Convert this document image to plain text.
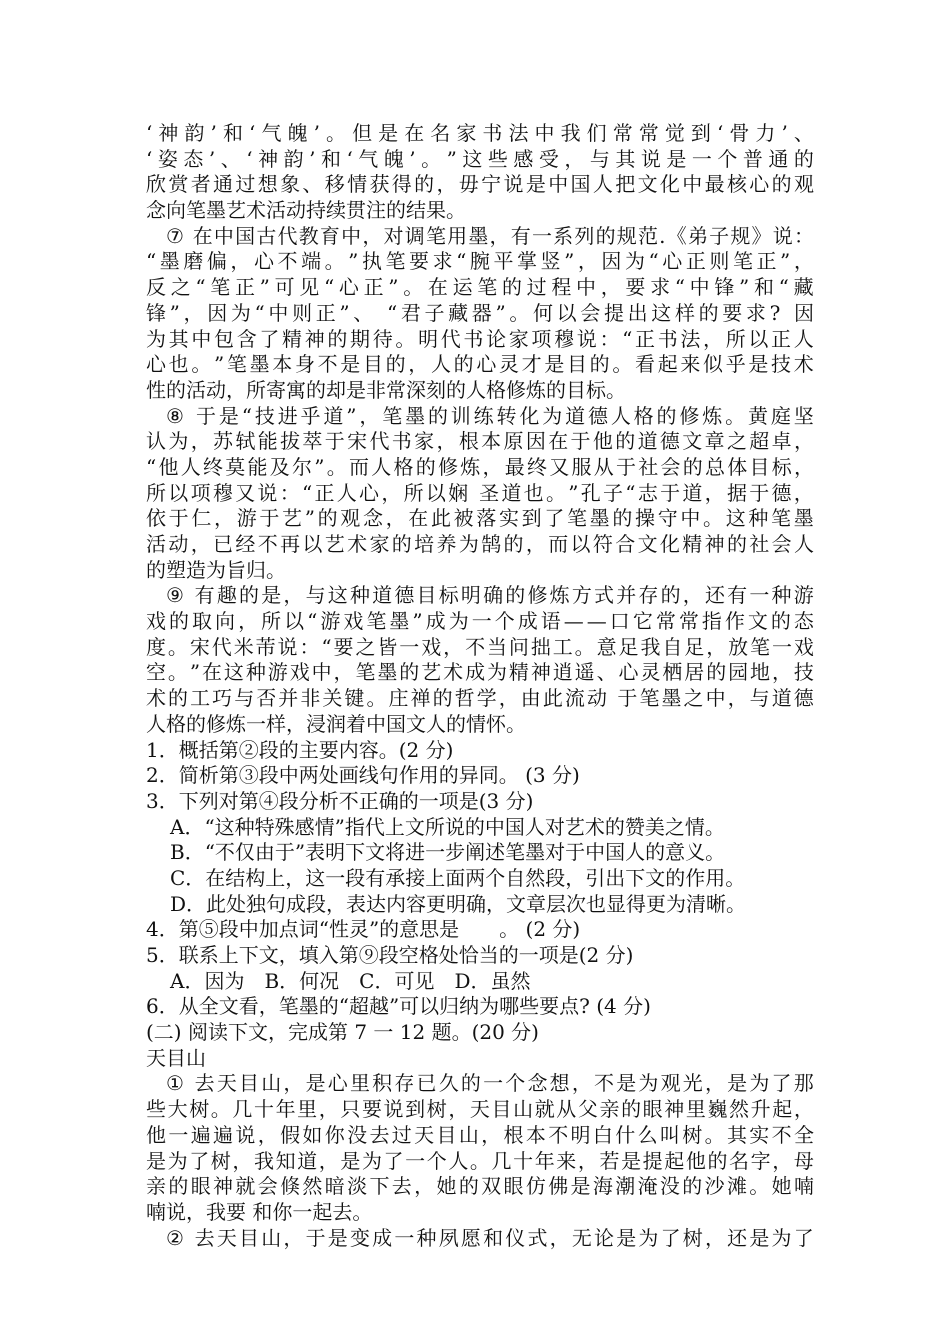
‘ 神 韵 ’ 和 ‘ 气 魄 ’ 。 但 是 在 名 家 书 法 中 我 们 常 常 觉 到 ‘ 骨 力 ’ 、
‘ 姿 态 ’ 、 ‘ 神 韵 ’ 和 ‘ 气 魄 ’ 。 ” 这 些 感 受 ， 与 其 说 是 一 个 普 通 的
欣 赏 者 通 过 想 象 、 移 情 获 得 的 ， 毋 宁 说 是 中 国 人 把 文 化 中 最 核 心 的 观
念向笔墨艺术活动持续贯注的结果。
⑦
在 中 国 古 代 教 育 中 ， 对 调 笔 用 墨 ， 有 一 系 列 的 规 范 . 《 弟 子 规 》 说 ：
“ 墨 磨 偏 ， 心 不 端 。 ” 执 笔 要 求 “ 腕 平 掌 竖 ” ， 因 为 “ 心 正 则 笔 正 ” ，
反 之 “ 笔 正 ” 可 见 “ 心 正 ” 。 在 运 笔 的 过 程 中 ， 要 求 “ 中 锋 ” 和 “ 藏
锋 ” ， 因 为 “ 中 则 正 ” 、
“ 君 子 藏 器 ” 。 何 以 会 提 出 这 样 的 要 求 ?
因
为 其 中 包 含 了 精 神 的 期 待 。 明 代 书 论 家 项 穆 说 ： “ 正 书 法 ， 所 以 正 人
心 也 。 ” 笔 墨 本 身 不 是 目 的 ， 人 的 心 灵 才 是 目 的 。 看 起 来 似 乎 是 技 术
性的活动，所寄寓的却是非常深刻的人格修炼的目标。
⑧
于 是 “ 技 进 乎 道 ” ， 笔 墨 的 训 练 转 化 为 道 德 人 格 的 修 炼 。 黄 庭 坚
认 为 ， 苏 轼 能 拔 萃 于 宋 代 书 家 ， 根 本 原 因 在 于 他 的 道 德 文 章 之 超 卓 ，
“ 他 人 终 莫 能 及 尔 ” 。 而 人 格 的 修 炼 ， 最 终 又 服 从 于 社 会 的 总 体 目 标 ，
所 以 项 穆 又 说 ： “ 正 人 心 ， 所 以 娴
圣 道 也 。 ” 孔 子 “ 志 于 道 ， 据 于 德 ，
依 于 仁 ， 游 于 艺 ” 的 观 念 ， 在 此 被 落 实 到 了 笔 墨 的 操 守 中 。 这 种 笔 墨
活 动 ， 已 经 不 再 以 艺 术 家 的 培 养 为 鹄 的 ， 而 以 符 合 文 化 精 神 的 社 会 人
的塑造为旨归。
⑨
有 趣 的 是 ， 与 这 种 道 德 目 标 明 确 的 修 炼 方 式 并 存 的 ， 还 有 一 种 游
戏 的 取 向 ， 所 以 “ 游 戏 笔 墨 ” 成 为 一 个 成 语 — — 口 它 常 常 指 作 文 的 态
度 。 宋 代 米 芾 说 ： “ 要 之 皆 一 戏 ， 不 当 问 拙 工 。 意 足 我 自 足 ， 放 笔 一 戏
空 。 ” 在 这 种 游 戏 中 ， 笔 墨 的 艺 术 成 为 精 神 逍 遥 、 心 灵 栖 居 的 园 地 ， 技
术 的 工 巧 与 否 并 非 关 键 。 庄 禅 的 哲 学 ， 由 此 流 动
于 笔 墨 之 中 ， 与 道 德
人格的修炼一样，浸润着中国文人的情怀。
1．概括第②段的主要内容。(2 分)
2．简析第③段中两处画线句作用的异同。 (3 分)
3．下列对第④段分析不正确的一项是(3 分)
A．“这种特殊感情”指代上文所说的中国人对艺术的赞美之情。
B．“不仅由于”表明下文将进一步阐述笔墨对于中国人的意义。
C．在结构上，这一段有承接上面两个自然段，引出下文的作用。
D．此处独句成段，表达内容更明确，文章层次也显得更为清晰。
4．第⑤段中加点词“性灵”的意思是　　。 (2 分)
5．联系上下文，填入第⑨段空格处恰当的一项是(2 分)
A．因为　B．何况　C．可见　D．虽然
6．从全文看，笔墨的“超越”可以归纳为哪些要点? (4 分)
(二) 阅读下文，完成第 7 一 12 题。(20 分)
天目山
①
去 天 目 山 ， 是 心 里 积 存 已 久 的 一 个 念 想 ， 不 是 为 观 光 ， 是 为 了 那
些 大 树 。 几 十 年 里 ， 只 要 说 到 树 ， 天 目 山 就 从 父 亲 的 眼 神 里 巍 然 升 起 ，
他 一 遍 遍 说 ， 假 如 你 没 去 过 天 目 山 ， 根 本 不 明 白 什 么 叫 树 。 其 实 不 全
是 为 了 树 ， 我 知 道 ， 是 为 了 一 个 人 。 几 十 年 来 ， 若 是 提 起 他 的 名 字 ， 母
亲 的 眼 神 就 会 倏 然 暗 淡 下 去 ， 她 的 双 眼 仿 佛 是 海 潮 淹 没 的 沙 滩 。 她 喃
喃说，我要 和你一起去。
②
去 天 目 山 ， 于 是 变 成 一 种 夙 愿 和 仪 式 ， 无 论 是 为 了 树 ， 还 是 为 了
